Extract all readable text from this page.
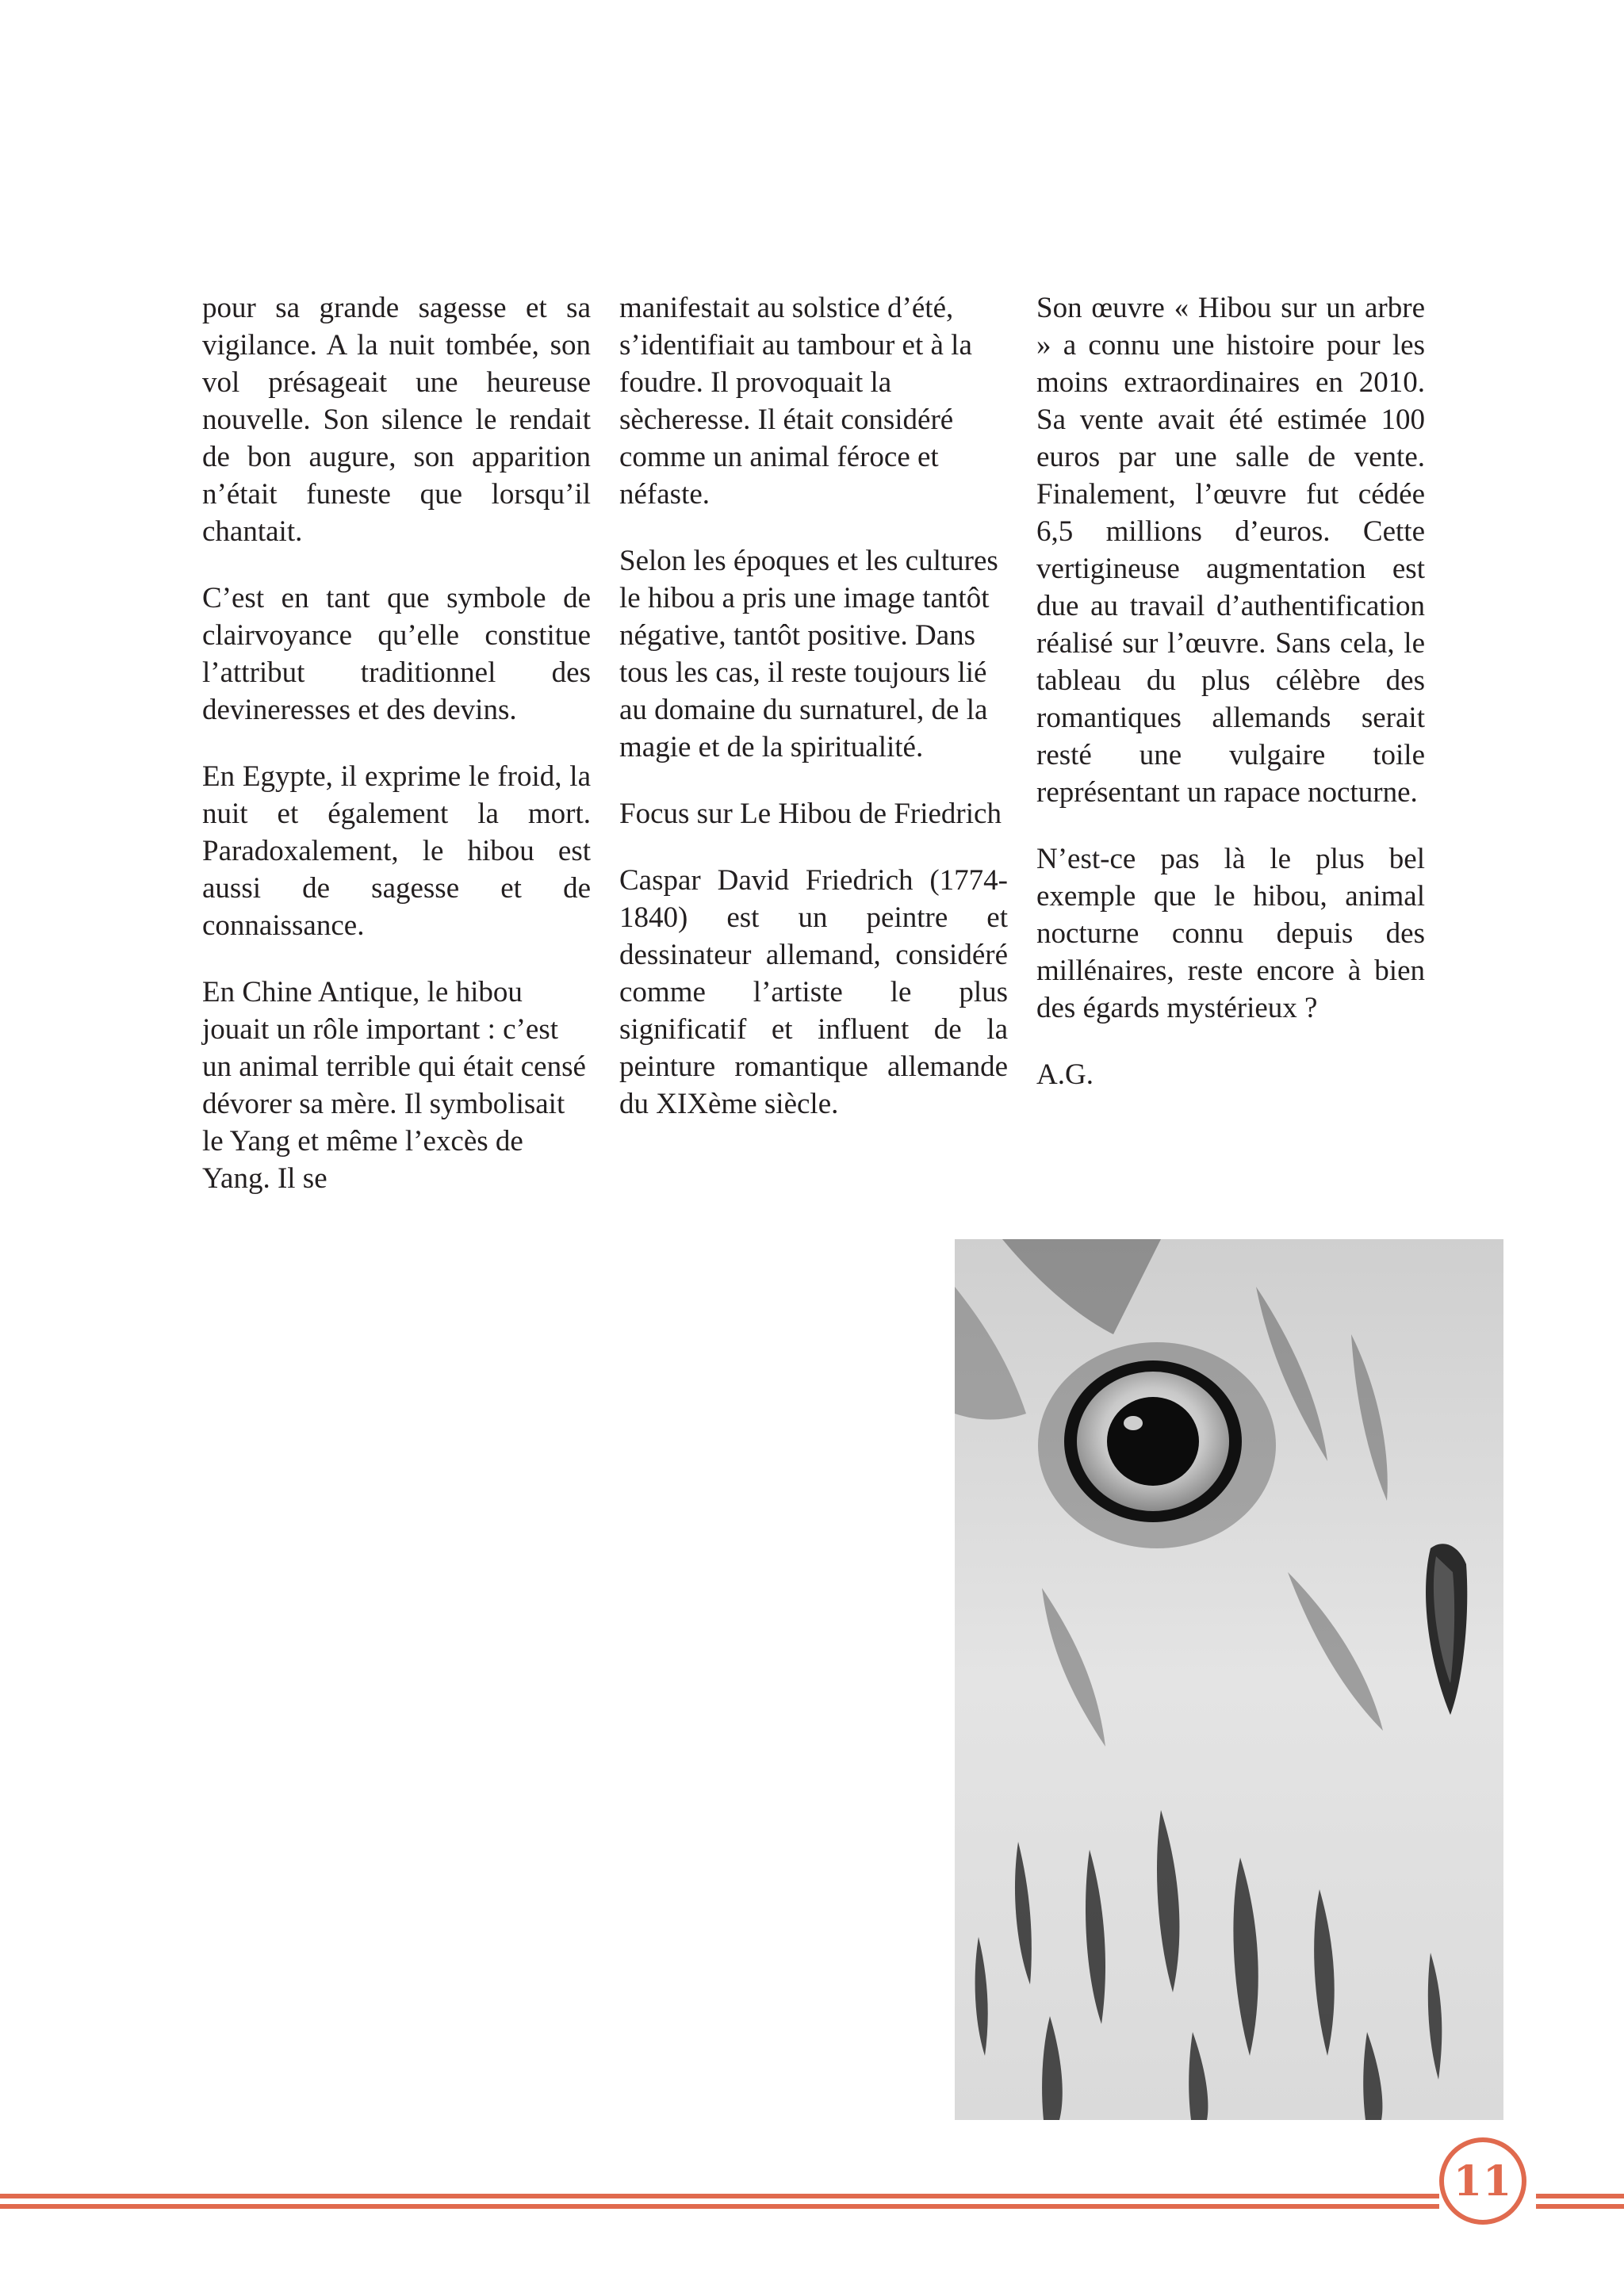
pour sa grande sagesse et sa vigilance. A la nuit tombée, son vol présageait une heureuse nouvelle. Son silence le rendait de bon augure, son apparition n’était funeste que lorsqu’il chantait.

C’est en tant que symbole de clairvoyance qu’elle constitue l’attribut traditionnel des devineresses et des devins.

En Egypte, il exprime le froid, la nuit et également la mort. Paradoxalement, le hibou est aussi de sagesse et de connaissance.

En Chine Antique, le hibou jouait un rôle important : c’est un animal terrible qui était censé dévorer sa mère. Il symbolisait le Yang et même l’excès de Yang. Il se

manifestait au solstice d’été, s’identifiait au tambour et à la foudre. Il provoquait la sècheresse. Il était considéré comme un animal féroce et néfaste.

Selon les époques et les cultures le hibou a pris une image tantôt négative, tantôt positive. Dans tous les cas, il reste toujours lié au domaine du surnaturel, de la magie et de la spiritualité.

Focus sur Le Hibou de Friedrich

Caspar David Friedrich (1774-1840) est un peintre et dessinateur allemand, considéré comme l’artiste le plus significatif et influent de la peinture romantique allemande du XIXème siècle.

Son œuvre « Hibou sur un arbre » a connu une histoire pour les moins extraordinaires en 2010. Sa vente avait été estimée 100 euros par une salle de vente. Finalement, l’œuvre fut cédée 6,5 millions d’euros. Cette vertigineuse augmentation est due au travail d’authentification réalisé sur l’œuvre. Sans cela, le tableau du plus célèbre des romantiques allemands serait resté une vulgaire toile représentant un rapace nocturne.

N’est-ce pas là le plus bel exemple que le hibou, animal nocturne connu depuis des millénaires, reste encore à bien des égards mystérieux ?

A.G.

11
